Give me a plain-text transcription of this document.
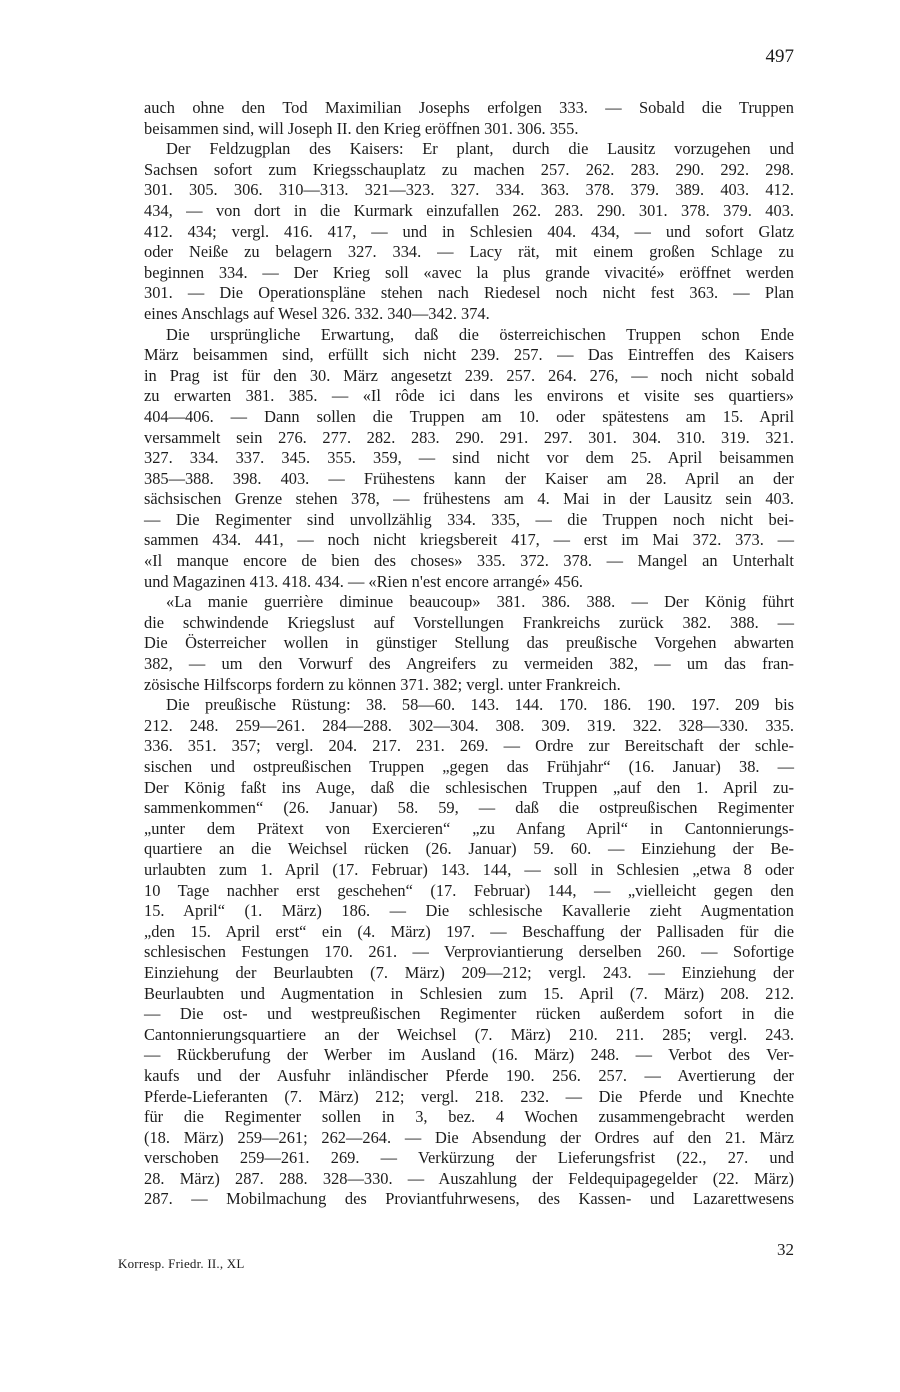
497
auch ohne den Tod Maximilian Josephs erfolgen 333. — Sobald die Truppen
beisammen sind, will Joseph II. den Krieg eröffnen 301. 306. 355.
Der Feldzugplan des Kaisers: Er plant, durch die Lausitz vorzugehen und
Sachsen sofort zum Kriegsschauplatz zu machen 257. 262. 283. 290. 292. 298.
301. 305. 306. 310—313. 321—323. 327. 334. 363. 378. 379. 389. 403. 412.
434, — von dort in die Kurmark einzufallen 262. 283. 290. 301. 378. 379. 403.
412. 434; vergl. 416. 417, — und in Schlesien 404. 434, — und sofort Glatz
oder Neiße zu belagern 327. 334. — Lacy rät, mit einem großen Schlage zu
beginnen 334. — Der Krieg soll «avec la plus grande vivacité» eröffnet werden
301. — Die Operationspläne stehen nach Riedesel noch nicht fest 363. — Plan
eines Anschlags auf Wesel 326. 332. 340—342. 374.
Die ursprüngliche Erwartung, daß die österreichischen Truppen schon Ende
März beisammen sind, erfüllt sich nicht 239. 257. — Das Eintreffen des Kaisers
in Prag ist für den 30. März angesetzt 239. 257. 264. 276, — noch nicht sobald
zu erwarten 381. 385. — «Il rôde ici dans les environs et visite ses quartiers»
404—406. — Dann sollen die Truppen am 10. oder spätestens am 15. April
versammelt sein 276. 277. 282. 283. 290. 291. 297. 301. 304. 310. 319. 321.
327. 334. 337. 345. 355. 359, — sind nicht vor dem 25. April beisammen
385—388. 398. 403. — Frühestens kann der Kaiser am 28. April an der
sächsischen Grenze stehen 378, — frühestens am 4. Mai in der Lausitz sein 403.
— Die Regimenter sind unvollzählig 334. 335, — die Truppen noch nicht bei-
sammen 434. 441, — noch nicht kriegsbereit 417, — erst im Mai 372. 373. —
«Il manque encore de bien des choses» 335. 372. 378. — Mangel an Unterhalt
und Magazinen 413. 418. 434. — «Rien n'est encore arrangé» 456.
«La manie guerrière diminue beaucoup» 381. 386. 388. — Der König führt
die schwindende Kriegslust auf Vorstellungen Frankreichs zurück 382. 388. —
Die Österreicher wollen in günstiger Stellung das preußische Vorgehen abwarten
382, — um den Vorwurf des Angreifers zu vermeiden 382, — um das fran-
zösische Hilfscorps fordern zu können 371. 382; vergl. unter Frankreich.
Die preußische Rüstung: 38. 58—60. 143. 144. 170. 186. 190. 197. 209 bis
212. 248. 259—261. 284—288. 302—304. 308. 309. 319. 322. 328—330. 335.
336. 351. 357; vergl. 204. 217. 231. 269. — Ordre zur Bereitschaft der schle-
sischen und ostpreußischen Truppen „gegen das Frühjahr“ (16. Januar) 38. —
Der König faßt ins Auge, daß die schlesischen Truppen „auf den 1. April zu-
sammenkommen“ (26. Januar) 58. 59, — daß die ostpreußischen Regimenter
„unter dem Prätext von Exercieren“ „zu Anfang April“ in Cantonnierungs-
quartiere an die Weichsel rücken (26. Januar) 59. 60. — Einziehung der Be-
urlaubten zum 1. April (17. Februar) 143. 144, — soll in Schlesien „etwa 8 oder
10 Tage nachher erst geschehen“ (17. Februar) 144, — „vielleicht gegen den
15. April“ (1. März) 186. — Die schlesische Kavallerie zieht Augmentation
„den 15. April erst“ ein (4. März) 197. — Beschaffung der Pallisaden für die
schlesischen Festungen 170. 261. — Verproviantierung derselben 260. — Sofortige
Einziehung der Beurlaubten (7. März) 209—212; vergl. 243. — Einziehung der
Beurlaubten und Augmentation in Schlesien zum 15. April (7. März) 208. 212.
— Die ost- und westpreußischen Regimenter rücken außerdem sofort in die
Cantonnierungsquartiere an der Weichsel (7. März) 210. 211. 285; vergl. 243.
— Rückberufung der Werber im Ausland (16. März) 248. — Verbot des Ver-
kaufs und der Ausfuhr inländischer Pferde 190. 256. 257. — Avertierung der
Pferde-Lieferanten (7. März) 212; vergl. 218. 232. — Die Pferde und Knechte
für die Regimenter sollen in 3, bez. 4 Wochen zusammengebracht werden
(18. März) 259—261; 262—264. — Die Absendung der Ordres auf den 21. März
verschoben 259—261. 269. — Verkürzung der Lieferungsfrist (22., 27. und
28. März) 287. 288. 328—330. — Auszahlung der Feldequipagegelder (22. März)
287. — Mobilmachung des Proviantfuhrwesens, des Kassen- und Lazarettwesens
32
Korresp. Friedr. II., XL
